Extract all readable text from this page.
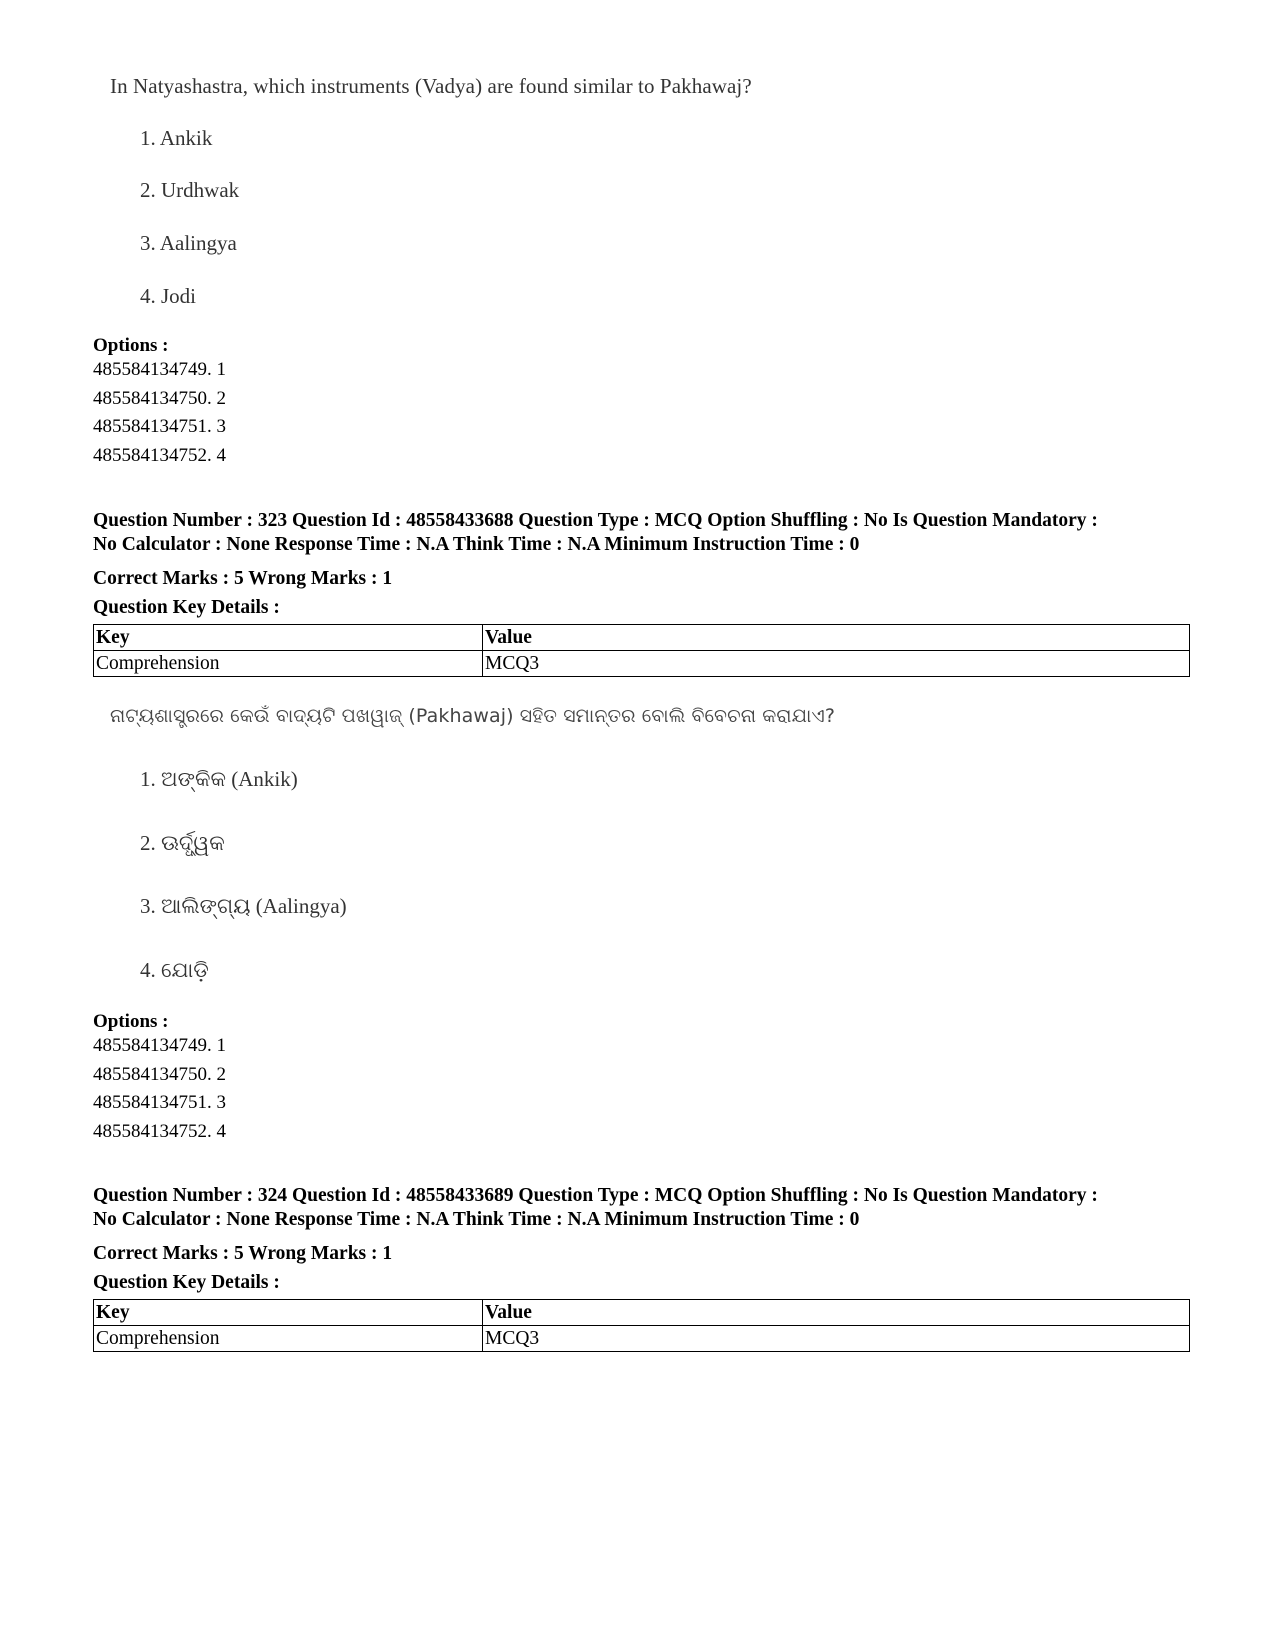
In Natyashastra, which instruments (Vadya) are found similar to Pakhawaj?
1. Ankik
2. Urdhwak
3. Aalingya
4. Jodi
Options :
485584134749. 1
485584134750. 2
485584134751. 3
485584134752. 4
Question Number : 323 Question Id : 48558433688 Question Type : MCQ Option Shuffling : No Is Question Mandatory :
No Calculator : None Response Time : N.A Think Time : N.A Minimum Instruction Time : 0
Correct Marks : 5 Wrong Marks : 1
Question Key Details :
Key	Value
Comprehension	MCQ3
ନାଟ୍ୟଶାସ୍ତ୍ରରେ କେଉଁ ବାଦ୍ୟଟି ପଖୱାଜ୍ (Pakhawaj) ସହିତ ସମାନ୍ତର ବୋଲି ବିବେଚନା କରାଯାଏ?
1. ଅଙ୍କିକ (Ankik)
2. ଊର୍ଦ୍ଧ୍ୱକ
3. ଆଲିଙ୍ଗ୍ୟ (Aalingya)
4. ଯୋଡ଼ି
Options :
485584134749. 1
485584134750. 2
485584134751. 3
485584134752. 4
Question Number : 324 Question Id : 48558433689 Question Type : MCQ Option Shuffling : No Is Question Mandatory :
No Calculator : None Response Time : N.A Think Time : N.A Minimum Instruction Time : 0
Correct Marks : 5 Wrong Marks : 1
Question Key Details :
Key	Value
Comprehension	MCQ3
